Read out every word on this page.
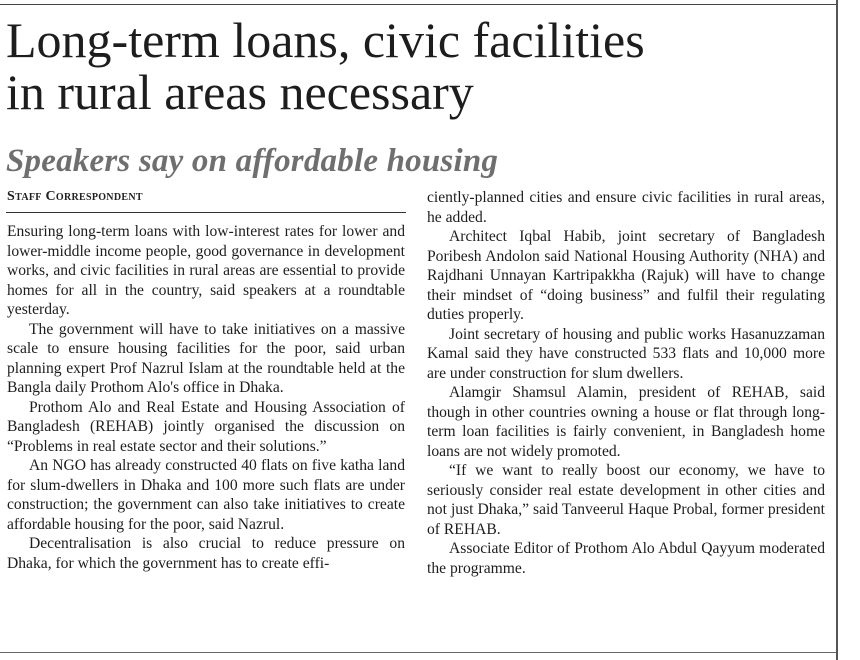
Long-term loans, civic facilities
in rural areas necessary
Speakers say on affordable housing
Staff Correspondent

Ensuring long-term loans with low-interest rates for lower and lower-middle income people, good governance in development works, and civic facilities in rural areas are essential to provide homes for all in the country, said speakers at a roundtable yesterday.

The government will have to take initiatives on a massive scale to ensure housing facilities for the poor, said urban planning expert Prof Nazrul Islam at the roundtable held at the Bangla daily Prothom Alo's office in Dhaka.

Prothom Alo and Real Estate and Housing Association of Bangladesh (REHAB) jointly organised the discussion on “Problems in real estate sector and their solutions.”

An NGO has already constructed 40 flats on five katha land for slum-dwellers in Dhaka and 100 more such flats are under construction; the government can also take initiatives to create affordable housing for the poor, said Nazrul.

Decentralisation is also crucial to reduce pressure on Dhaka, for which the government has to create effi-

ciently-planned cities and ensure civic facilities in rural areas, he added.

Architect Iqbal Habib, joint secretary of Bangladesh Poribesh Andolon said National Housing Authority (NHA) and Rajdhani Unnayan Kartripakkha (Rajuk) will have to change their mindset of “doing business” and fulfil their regulating duties properly.

Joint secretary of housing and public works Hasanuzzaman Kamal said they have constructed 533 flats and 10,000 more are under construction for slum dwellers.

Alamgir Shamsul Alamin, president of REHAB, said though in other countries owning a house or flat through long-term loan facilities is fairly convenient, in Bangladesh home loans are not widely promoted.

“If we want to really boost our economy, we have to seriously consider real estate development in other cities and not just Dhaka,” said Tanveerul Haque Probal, former president of REHAB.

Associate Editor of Prothom Alo Abdul Qayyum moderated the programme.
